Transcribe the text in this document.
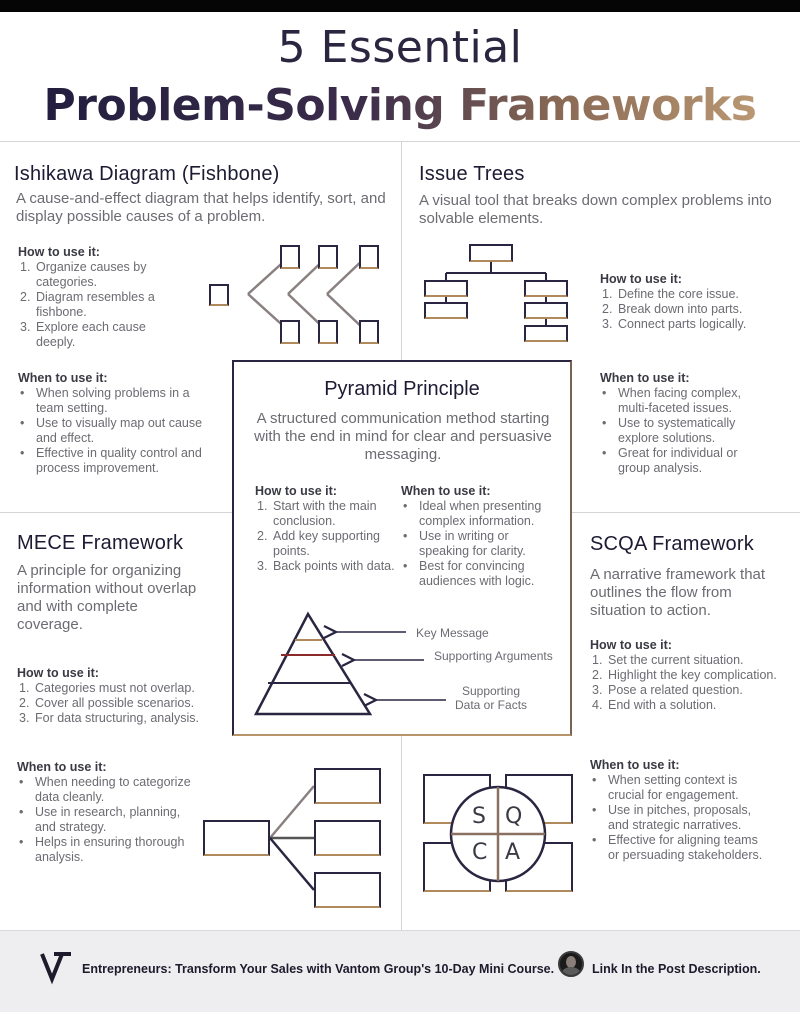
5 Essential
Problem-Solving Frameworks
Ishikawa Diagram (Fishbone)
A cause-and-effect diagram that helps identify, sort, and display possible causes of a problem.
How to use it:
1. Organize causes by categories.
2. Diagram resembles a fishbone.
3. Explore each cause deeply.
When to use it:
• When solving problems in a team setting.
• Use to visually map out cause and effect.
• Effective in quality control and process improvement.
Issue Trees
A visual tool that breaks down complex problems into solvable elements.
How to use it:
1. Define the core issue.
2. Break down into parts.
3. Connect parts logically.
When to use it:
• When facing complex, multi-faceted issues.
• Use to systematically explore solutions.
• Great for individual or group analysis.
MECE Framework
A principle for organizing information without overlap and with complete coverage.
How to use it:
1. Categories must not overlap.
2. Cover all possible scenarios.
3. For data structuring, analysis.
When to use it:
• When needing to categorize data cleanly.
• Use in research, planning, and strategy.
• Helps in ensuring thorough analysis.
SCQA Framework
A narrative framework that outlines the flow from situation to action.
How to use it:
1. Set the current situation.
2. Highlight the key complication.
3. Pose a related question.
4. End with a solution.
When to use it:
• When setting context is crucial for engagement.
• Use in pitches, proposals, and strategic narratives.
• Effective for aligning teams or persuading stakeholders.
S Q
C A
Pyramid Principle
A structured communication method starting with the end in mind for clear and persuasive messaging.
How to use it:
1. Start with the main conclusion.
2. Add key supporting points.
3. Back points with data.
When to use it:
• Ideal when presenting complex information.
• Use in writing or speaking for clarity.
• Best for convincing audiences with logic.
Key Message
Supporting Arguments
Supporting
Data or Facts
Entrepreneurs: Transform Your Sales with Vantom Group's 10-Day Mini Course.	Link In the Post Description.
